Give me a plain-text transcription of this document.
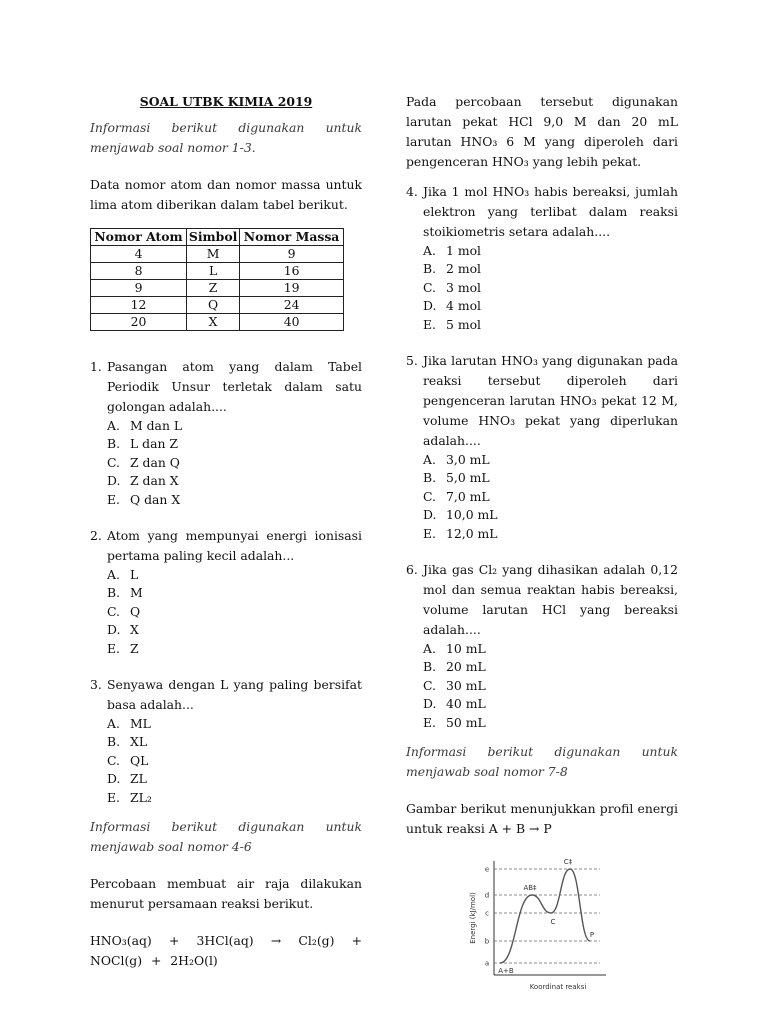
SOAL UTBK KIMIA 2019

Informasi berikut digunakan untuk menjawab soal nomor 1-3.

Data nomor atom dan nomor massa untuk lima atom diberikan dalam tabel berikut.

Nomor Atom	Simbol	Nomor Massa
4	M	9
8	L	16
9	Z	19
12	Q	24
20	X	40
1. Pasangan atom yang dalam Tabel Periodik Unsur terletak dalam satu golongan adalah....
A. M dan L
B. L dan Z
C. Z dan Q
D. Z dan X
E. Q dan X
2. Atom yang mempunyai energi ionisasi pertama paling kecil adalah...
A. L
B. M
C. Q
D. X
E. Z
3. Senyawa dengan L yang paling bersifat basa adalah...
A. ML
B. XL
C. QL
D. ZL
E. ZL₂

Informasi berikut digunakan untuk menjawab soal nomor 4-6

Percobaan membuat air raja dilakukan menurut persamaan reaksi berikut.

HNO₃(aq) + 3HCl(aq) → Cl₂(g) + NOCl(g) + 2H₂O(l)

Pada percobaan tersebut digunakan larutan pekat HCl 9,0 M dan 20 mL larutan HNO₃ 6 M yang diperoleh dari pengenceran HNO₃ yang lebih pekat.

4. Jika 1 mol HNO₃ habis bereaksi, jumlah elektron yang terlibat dalam reaksi stoikiometris setara adalah....
A. 1 mol
B. 2 mol
C. 3 mol
D. 4 mol
E. 5 mol
5. Jika larutan HNO₃ yang digunakan pada reaksi tersebut diperoleh dari pengenceran larutan HNO₃ pekat 12 M, volume HNO₃ pekat yang diperlukan adalah....
A. 3,0 mL
B. 5,0 mL
C. 7,0 mL
D. 10,0 mL
E. 12,0 mL
6. Jika gas Cl₂ yang dihasikan adalah 0,12 mol dan semua reaktan habis bereaksi, volume larutan HCl yang bereaksi adalah....
A. 10 mL
B. 20 mL
C. 30 mL
D. 40 mL
E. 50 mL

Informasi berikut digunakan untuk menjawab soal nomor 7-8

Gambar berikut menunjukkan profil energi untuk reaksi A + B → P

a
b
c
d
e
A+B
AB‡
C
C‡
P
Energi (kJ/mol)
Koordinat reaksi
